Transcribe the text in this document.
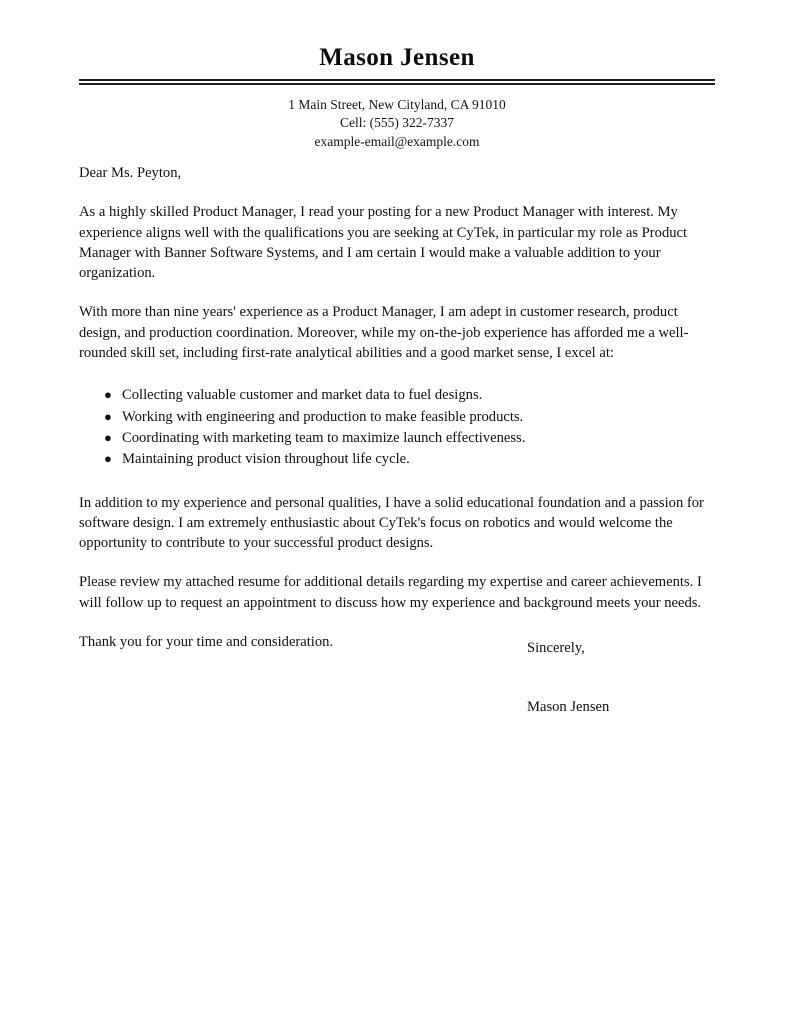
Mason Jensen
1 Main Street, New Cityland, CA 91010
Cell: (555) 322-7337
example-email@example.com

Dear Ms. Peyton,

As a highly skilled Product Manager, I read your posting for a new Product Manager with interest. My experience aligns well with the qualifications you are seeking at CyTek, in particular my role as Product Manager with Banner Software Systems, and I am certain I would make a valuable addition to your organization.

With more than nine years' experience as a Product Manager, I am adept in customer research, product design, and production coordination. Moreover, while my on-the-job experience has afforded me a well-rounded skill set, including first-rate analytical abilities and a good market sense, I excel at:

● Collecting valuable customer and market data to fuel designs.
● Working with engineering and production to make feasible products.
● Coordinating with marketing team to maximize launch effectiveness.
● Maintaining product vision throughout life cycle.

In addition to my experience and personal qualities, I have a solid educational foundation and a passion for software design. I am extremely enthusiastic about CyTek's focus on robotics and would welcome the opportunity to contribute to your successful product designs.

Please review my attached resume for additional details regarding my expertise and career achievements. I will follow up to request an appointment to discuss how my experience and background meets your needs.

Thank you for your time and consideration.	Sincerely,

Mason Jensen
